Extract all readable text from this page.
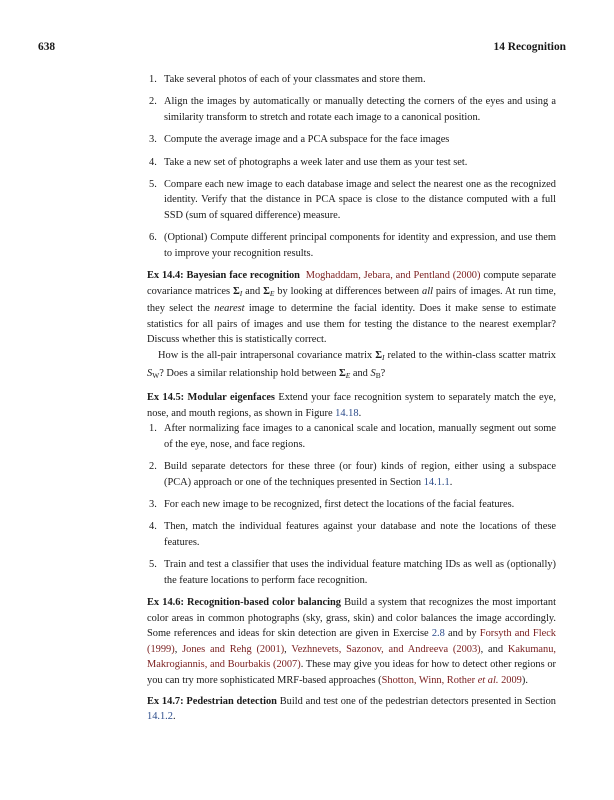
638	14 Recognition
1. Take several photos of each of your classmates and store them.
2. Align the images by automatically or manually detecting the corners of the eyes and using a similarity transform to stretch and rotate each image to a canonical position.
3. Compute the average image and a PCA subspace for the face images
4. Take a new set of photographs a week later and use them as your test set.
5. Compare each new image to each database image and select the nearest one as the recognized identity. Verify that the distance in PCA space is close to the distance computed with a full SSD (sum of squared difference) measure.
6. (Optional) Compute different principal components for identity and expression, and use them to improve your recognition results.

Ex 14.4: Bayesian face recognition Moghaddam, Jebara, and Pentland (2000) compute separate covariance matrices $\Sigma_I$ and $\Sigma_E$ by looking at differences between all pairs of images. At run time, they select the nearest image to determine the facial identity. Does it make sense to estimate statistics for all pairs of images and use them for testing the distance to the nearest exemplar? Discuss whether this is statistically correct.

How is the all-pair intrapersonal covariance matrix $\Sigma_I$ related to the within-class scatter matrix SW? Does a similar relationship hold between $\Sigma_E$ and SB?

Ex 14.5: Modular eigenfaces Extend your face recognition system to separately match the eye, nose, and mouth regions, as shown in Figure 14.18.

1. After normalizing face images to a canonical scale and location, manually segment out some of the eye, nose, and face regions.
2. Build separate detectors for these three (or four) kinds of region, either using a subspace (PCA) approach or one of the techniques presented in Section 14.1.1.
3. For each new image to be recognized, first detect the locations of the facial features.
4. Then, match the individual features against your database and note the locations of these features.
5. Train and test a classifier that uses the individual feature matching IDs as well as (optionally) the feature locations to perform face recognition.

Ex 14.6: Recognition-based color balancing Build a system that recognizes the most important color areas in common photographs (sky, grass, skin) and color balances the image accordingly. Some references and ideas for skin detection are given in Exercise 2.8 and by Forsyth and Fleck (1999), Jones and Rehg (2001), Vezhnevets, Sazonov, and Andreeva (2003), and Kakumanu, Makrogiannis, and Bourbakis (2007). These may give you ideas for how to detect other regions or you can try more sophisticated MRF-based approaches (Shotton, Winn, Rother et al. 2009).

Ex 14.7: Pedestrian detection Build and test one of the pedestrian detectors presented in Section 14.1.2.
